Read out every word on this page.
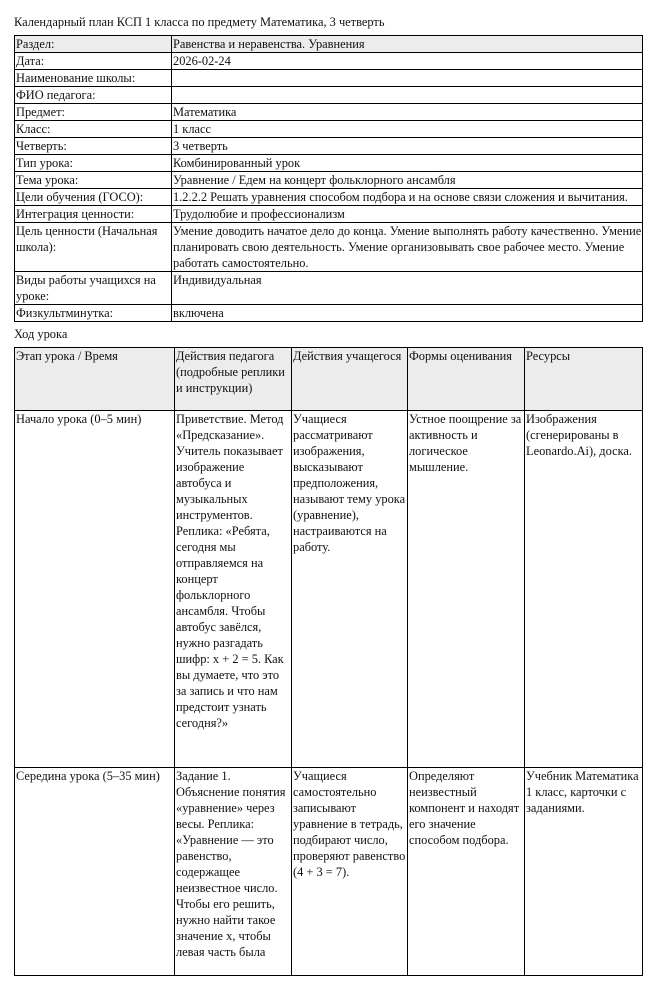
Календарный план КСП 1 класса по предмету Математика, 3 четверть
Раздел:	Равенства и неравенства. Уравнения
Дата:	2026-02-24
Наименование школы:	
ФИО педагога:	
Предмет:	Математика
Класс:	1 класс
Четверть:	3 четверть
Тип урока:	Комбинированный урок
Тема урока:	Уравнение / Едем на концерт фольклорного ансамбля
Цели обучения (ГОСО):	1.2.2.2 Решать уравнения способом подбора и на основе связи сложения и вычитания.
Интеграция ценности:	Трудолюбие и профессионализм
Цель ценности (Начальная школа):	Умение доводить начатое дело до конца. Умение выполнять работу качественно. Умение планировать свою деятельность. Умение организовывать свое рабочее место. Умение работать самостоятельно.
Виды работы учащихся на уроке:	Индивидуальная
Физкультминутка:	включена
Ход урока
Этап урока / Время	Действия педагога (подробные реплики и инструкции)	Действия учащегося	Формы оценивания	Ресурсы
Начало урока (0–5 мин)	Приветствие. Метод «Предсказание». Учитель показывает изображение автобуса и музыкальных инструментов. Реплика: «Ребята, сегодня мы отправляемся на концерт фольклорного ансамбля. Чтобы автобус завёлся, нужно разгадать шифр: x + 2 = 5. Как вы думаете, что это за запись и что нам предстоит узнать сегодня?»	Учащиеся рассматривают изображения, высказывают предположения, называют тему урока (уравнение), настраиваются на работу.	Устное поощрение за активность и логическое мышление.	Изображения (сгенерированы в Leonardo.Ai), доска.
Середина урока (5–35 мин)	Задание 1. Объяснение понятия «уравнение» через весы. Реплика: «Уравнение — это равенство, содержащее неизвестное число. Чтобы его решить, нужно найти такое значение x, чтобы левая часть была	Учащиеся самостоятельно записывают уравнение в тетрадь, подбирают число, проверяют равенство (4 + 3 = 7).	Определяют неизвестный компонент и находят его значение способом подбора.	Учебник Математика 1 класс, карточки с заданиями.
